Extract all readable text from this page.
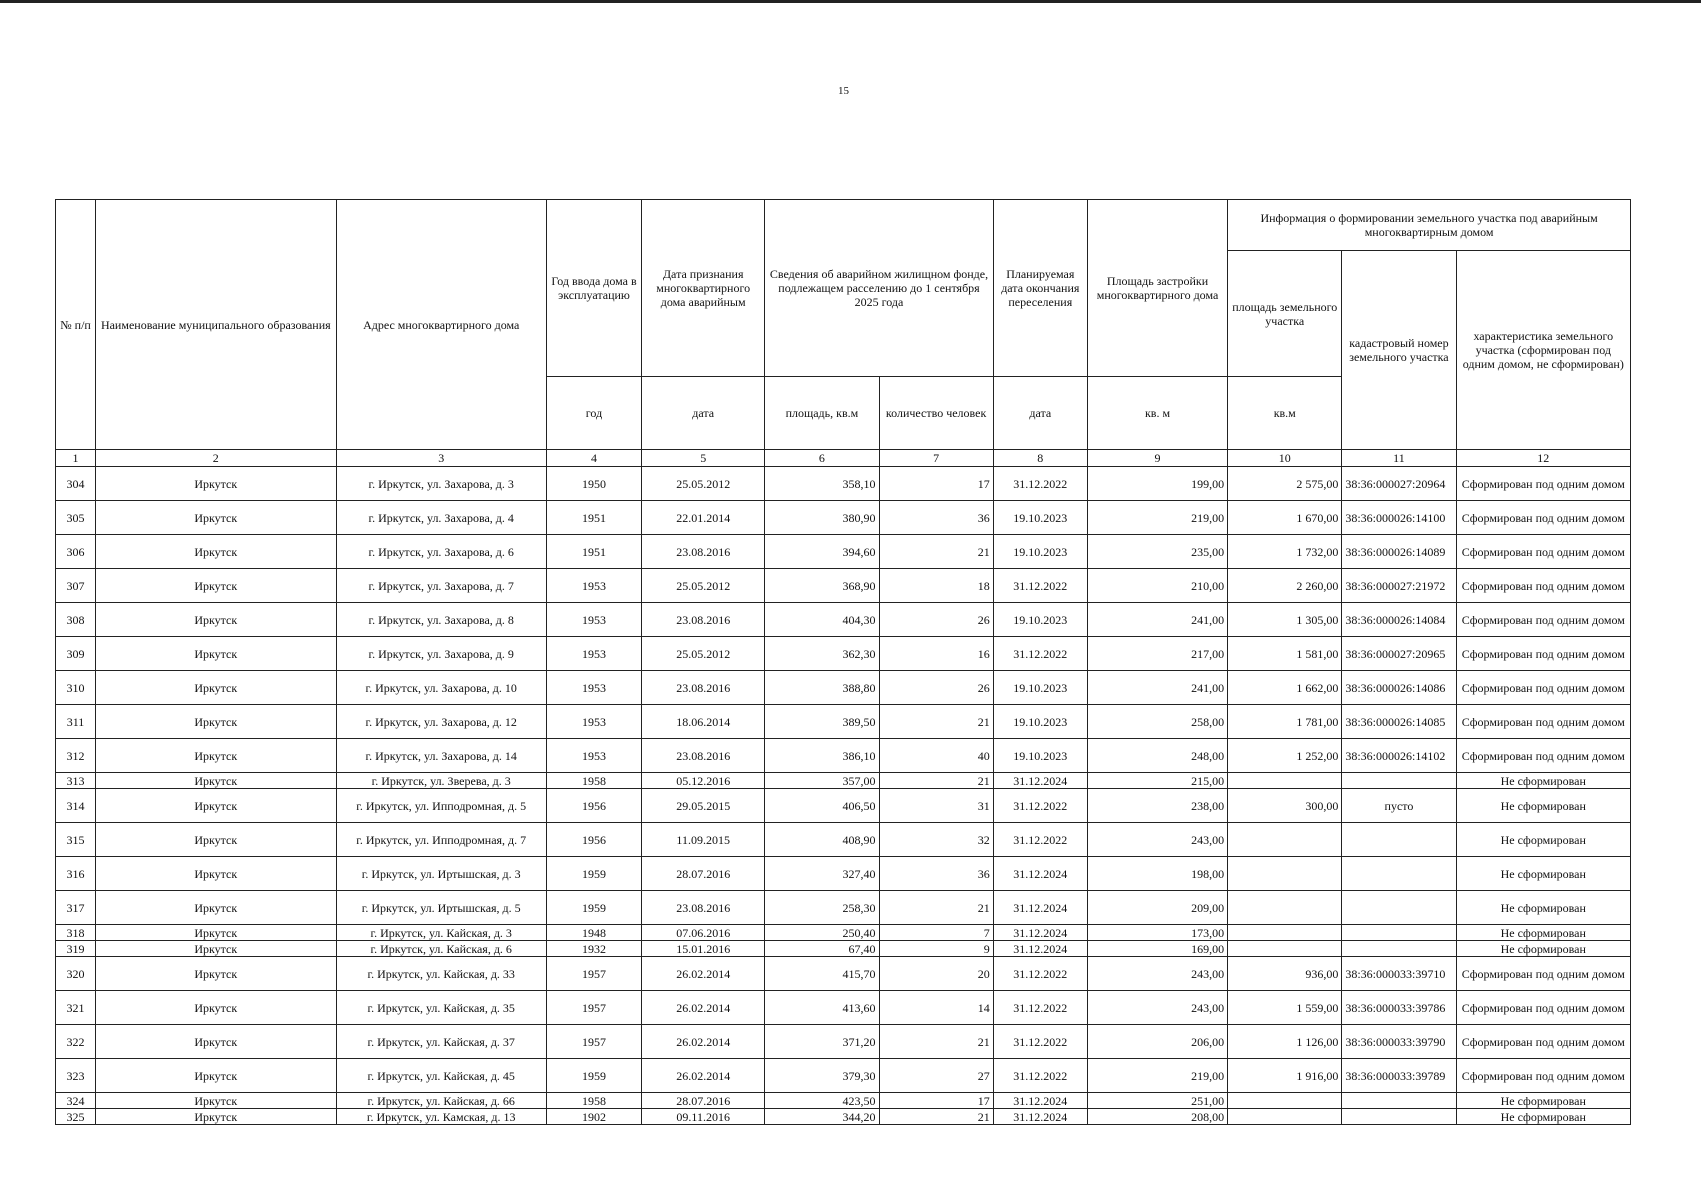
15
№ п/п	Наименование муниципального образования	Адрес многоквартирного дома	Год ввода дома в эксплуатацию	Дата признания многоквартирного дома аварийным	Сведения об аварийном жилищном фонде, подлежащем расселению до 1 сентября 2025 года		Планируемая дата окончания переселения	Площадь застройки многоквартирного дома	Информация о формировании земельного участка под аварийным многоквартирным домом		
									площадь земельного участка	кадастровый номер земельного участка	характеристика земельного участка (сформирован под одним домом, не сформирован)
			год	дата	площадь, кв.м	количество человек	дата	кв. м	кв.м		
1	2	3	4	5	6	7	8	9	10	11	12
304	Иркутск	г. Иркутск, ул. Захарова, д. 3	1950	25.05.2012	358,10	17	31.12.2022	199,00	2 575,00	38:36:000027:20964	Сформирован под одним домом
305	Иркутск	г. Иркутск, ул. Захарова, д. 4	1951	22.01.2014	380,90	36	19.10.2023	219,00	1 670,00	38:36:000026:14100	Сформирован под одним домом
306	Иркутск	г. Иркутск, ул. Захарова, д. 6	1951	23.08.2016	394,60	21	19.10.2023	235,00	1 732,00	38:36:000026:14089	Сформирован под одним домом
307	Иркутск	г. Иркутск, ул. Захарова, д. 7	1953	25.05.2012	368,90	18	31.12.2022	210,00	2 260,00	38:36:000027:21972	Сформирован под одним домом
308	Иркутск	г. Иркутск, ул. Захарова, д. 8	1953	23.08.2016	404,30	26	19.10.2023	241,00	1 305,00	38:36:000026:14084	Сформирован под одним домом
309	Иркутск	г. Иркутск, ул. Захарова, д. 9	1953	25.05.2012	362,30	16	31.12.2022	217,00	1 581,00	38:36:000027:20965	Сформирован под одним домом
310	Иркутск	г. Иркутск, ул. Захарова, д. 10	1953	23.08.2016	388,80	26	19.10.2023	241,00	1 662,00	38:36:000026:14086	Сформирован под одним домом
311	Иркутск	г. Иркутск, ул. Захарова, д. 12	1953	18.06.2014	389,50	21	19.10.2023	258,00	1 781,00	38:36:000026:14085	Сформирован под одним домом
312	Иркутск	г. Иркутск, ул. Захарова, д. 14	1953	23.08.2016	386,10	40	19.10.2023	248,00	1 252,00	38:36:000026:14102	Сформирован под одним домом
313	Иркутск	г. Иркутск, ул. Зверева, д. 3	1958	05.12.2016	357,00	21	31.12.2024	215,00			Не сформирован
314	Иркутск	г. Иркутск, ул. Ипподромная, д. 5	1956	29.05.2015	406,50	31	31.12.2022	238,00	300,00	пусто	Не сформирован
315	Иркутск	г. Иркутск, ул. Ипподромная, д. 7	1956	11.09.2015	408,90	32	31.12.2022	243,00			Не сформирован
316	Иркутск	г. Иркутск, ул. Иртышская, д. 3	1959	28.07.2016	327,40	36	31.12.2024	198,00			Не сформирован
317	Иркутск	г. Иркутск, ул. Иртышская, д. 5	1959	23.08.2016	258,30	21	31.12.2024	209,00			Не сформирован
318	Иркутск	г. Иркутск, ул. Кайская, д. 3	1948	07.06.2016	250,40	7	31.12.2024	173,00			Не сформирован
319	Иркутск	г. Иркутск, ул. Кайская, д. 6	1932	15.01.2016	67,40	9	31.12.2024	169,00			Не сформирован
320	Иркутск	г. Иркутск, ул. Кайская, д. 33	1957	26.02.2014	415,70	20	31.12.2022	243,00	936,00	38:36:000033:39710	Сформирован под одним домом
321	Иркутск	г. Иркутск, ул. Кайская, д. 35	1957	26.02.2014	413,60	14	31.12.2022	243,00	1 559,00	38:36:000033:39786	Сформирован под одним домом
322	Иркутск	г. Иркутск, ул. Кайская, д. 37	1957	26.02.2014	371,20	21	31.12.2022	206,00	1 126,00	38:36:000033:39790	Сформирован под одним домом
323	Иркутск	г. Иркутск, ул. Кайская, д. 45	1959	26.02.2014	379,30	27	31.12.2022	219,00	1 916,00	38:36:000033:39789	Сформирован под одним домом
324	Иркутск	г. Иркутск, ул. Кайская, д. 66	1958	28.07.2016	423,50	17	31.12.2024	251,00			Не сформирован
325	Иркутск	г. Иркутск, ул. Камская, д. 13	1902	09.11.2016	344,20	21	31.12.2024	208,00			Не сформирован
